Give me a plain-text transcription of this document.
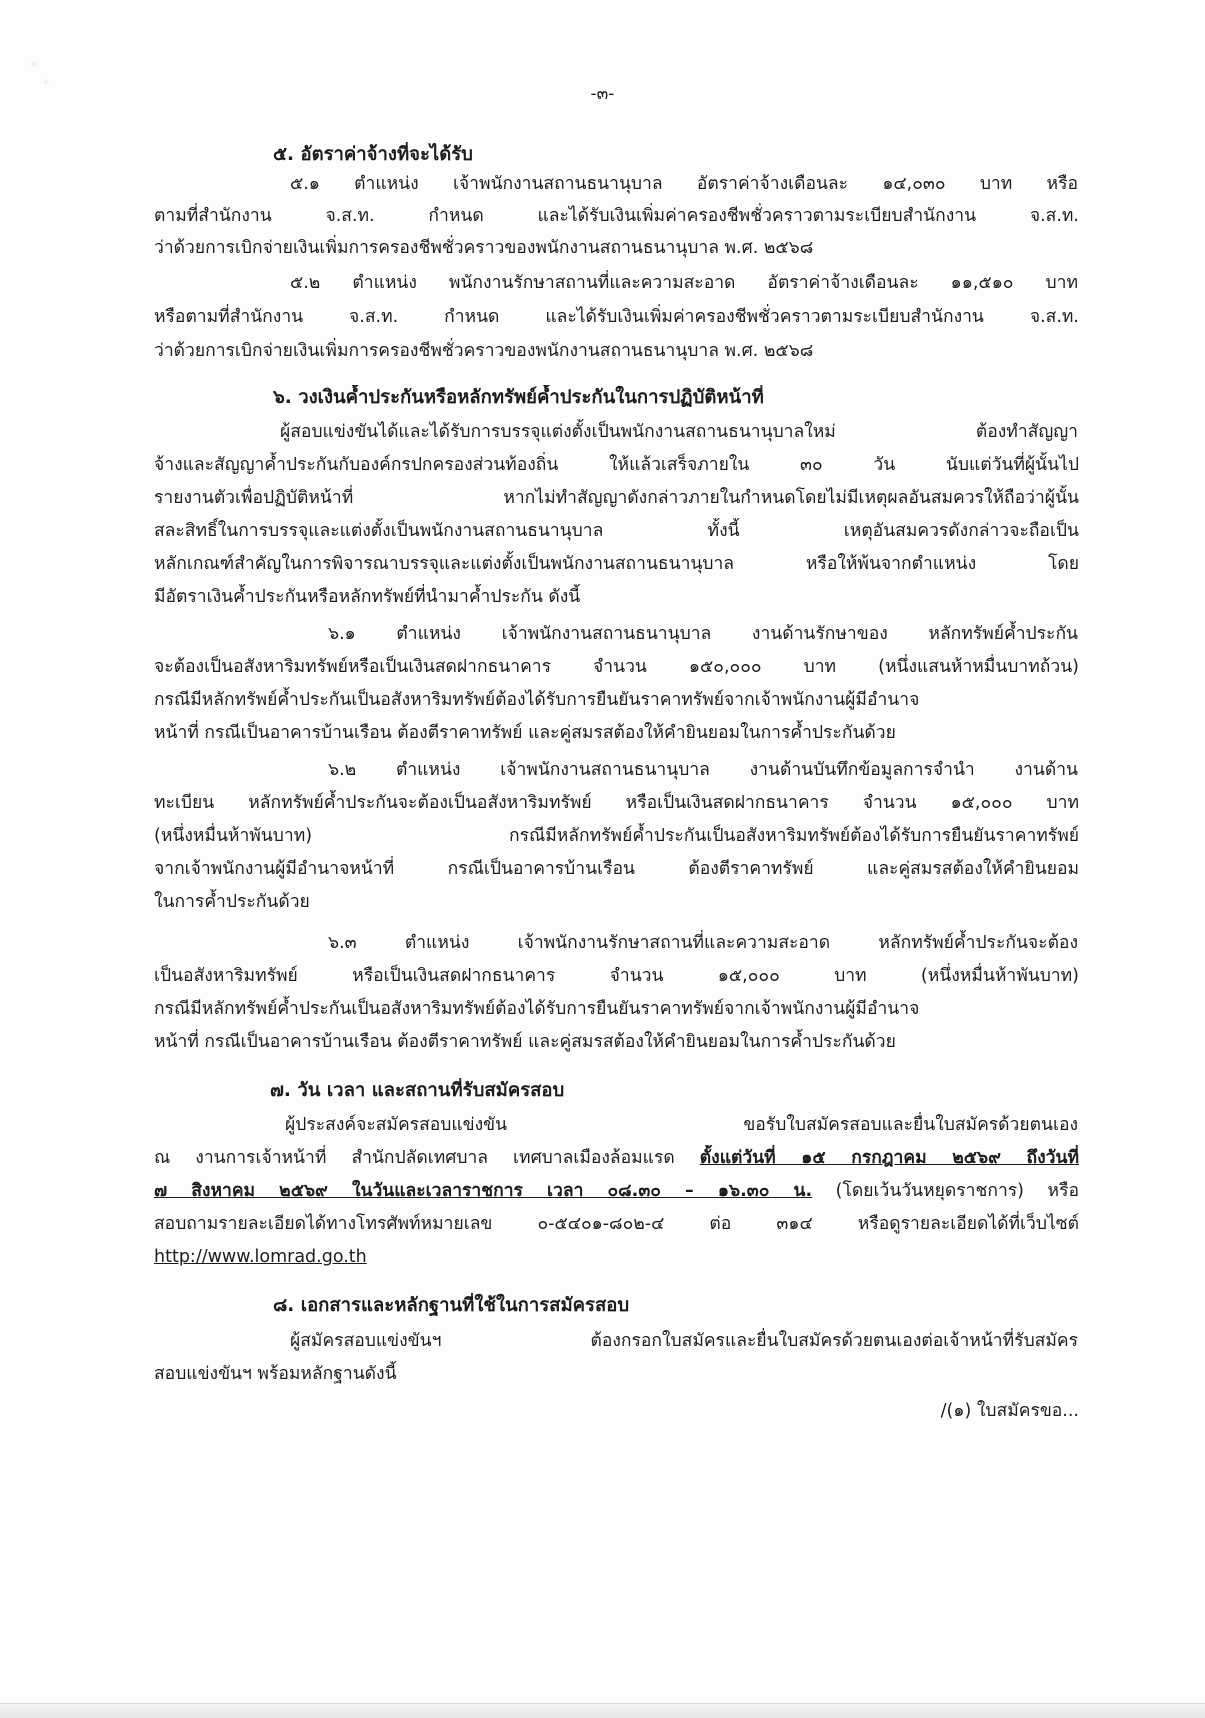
-๓-
๕. อัตราค่าจ้างที่จะได้รับ
๕.๑ ตำแหน่ง เจ้าพนักงานสถานธนานุบาล อัตราค่าจ้างเดือนละ ๑๔,๐๓๐ บาท หรือ
ตามที่สำนักงาน จ.ส.ท. กำหนด และได้รับเงินเพิ่มค่าครองชีพชั่วคราวตามระเบียบสำนักงาน จ.ส.ท.
ว่าด้วยการเบิกจ่ายเงินเพิ่มการครองชีพชั่วคราวของพนักงานสถานธนานุบาล พ.ศ. ๒๕๖๘
๕.๒ ตำแหน่ง พนักงานรักษาสถานที่และความสะอาด อัตราค่าจ้างเดือนละ ๑๑,๕๑๐ บาท
หรือตามที่สำนักงาน จ.ส.ท. กำหนด และได้รับเงินเพิ่มค่าครองชีพชั่วคราวตามระเบียบสำนักงาน จ.ส.ท.
ว่าด้วยการเบิกจ่ายเงินเพิ่มการครองชีพชั่วคราวของพนักงานสถานธนานุบาล พ.ศ. ๒๕๖๘
๖. วงเงินค้ำประกันหรือหลักทรัพย์ค้ำประกันในการปฏิบัติหน้าที่
ผู้สอบแข่งขันได้และได้รับการบรรจุแต่งตั้งเป็นพนักงานสถานธนานุบาลใหม่ ต้องทำสัญญา
จ้างและสัญญาค้ำประกันกับองค์กรปกครองส่วนท้องถิ่น ให้แล้วเสร็จภายใน ๓๐ วัน นับแต่วันที่ผู้นั้นไป
รายงานตัวเพื่อปฏิบัติหน้าที่ หากไม่ทำสัญญาดังกล่าวภายในกำหนดโดยไม่มีเหตุผลอันสมควรให้ถือว่าผู้นั้น
สละสิทธิ์ในการบรรจุและแต่งตั้งเป็นพนักงานสถานธนานุบาล ทั้งนี้ เหตุอันสมควรดังกล่าวจะถือเป็น
หลักเกณฑ์สำคัญในการพิจารณาบรรจุและแต่งตั้งเป็นพนักงานสถานธนานุบาล หรือให้พ้นจากตำแหน่ง โดย
มีอัตราเงินค้ำประกันหรือหลักทรัพย์ที่นำมาค้ำประกัน ดังนี้
๖.๑ ตำแหน่ง เจ้าพนักงานสถานธนานุบาล งานด้านรักษาของ หลักทรัพย์ค้ำประกัน
จะต้องเป็นอสังหาริมทรัพย์หรือเป็นเงินสดฝากธนาคาร จำนวน ๑๕๐,๐๐๐ บาท (หนึ่งแสนห้าหมื่นบาทถ้วน)
กรณีมีหลักทรัพย์ค้ำประกันเป็นอสังหาริมทรัพย์ต้องได้รับการยืนยันราคาทรัพย์จากเจ้าพนักงานผู้มีอำนาจ
หน้าที่ กรณีเป็นอาคารบ้านเรือน ต้องตีราคาทรัพย์ และคู่สมรสต้องให้คำยินยอมในการค้ำประกันด้วย
๖.๒ ตำแหน่ง เจ้าพนักงานสถานธนานุบาล งานด้านบันทึกข้อมูลการจำนำ งานด้าน
ทะเบียน หลักทรัพย์ค้ำประกันจะต้องเป็นอสังหาริมทรัพย์ หรือเป็นเงินสดฝากธนาคาร จำนวน ๑๕,๐๐๐ บาท
(หนึ่งหมื่นห้าพันบาท) กรณีมีหลักทรัพย์ค้ำประกันเป็นอสังหาริมทรัพย์ต้องได้รับการยืนยันราคาทรัพย์
จากเจ้าพนักงานผู้มีอำนาจหน้าที่ กรณีเป็นอาคารบ้านเรือน ต้องตีราคาทรัพย์ และคู่สมรสต้องให้คำยินยอม
ในการค้ำประกันด้วย
๖.๓ ตำแหน่ง เจ้าพนักงานรักษาสถานที่และความสะอาด หลักทรัพย์ค้ำประกันจะต้อง
เป็นอสังหาริมทรัพย์ หรือเป็นเงินสดฝากธนาคาร จำนวน ๑๕,๐๐๐ บาท (หนึ่งหมื่นห้าพันบาท)
กรณีมีหลักทรัพย์ค้ำประกันเป็นอสังหาริมทรัพย์ต้องได้รับการยืนยันราคาทรัพย์จากเจ้าพนักงานผู้มีอำนาจ
หน้าที่ กรณีเป็นอาคารบ้านเรือน ต้องตีราคาทรัพย์ และคู่สมรสต้องให้คำยินยอมในการค้ำประกันด้วย
๗. วัน เวลา และสถานที่รับสมัครสอบ
ผู้ประสงค์จะสมัครสอบแข่งขัน ขอรับใบสมัครสอบและยื่นใบสมัครด้วยตนเอง
ณ งานการเจ้าหน้าที่ สำนักปลัดเทศบาล เทศบาลเมืองล้อมแรด ตั้งแต่วันที่ ๑๕ กรกฎาคม ๒๕๖๙ ถึงวันที่
๗ สิงหาคม ๒๕๖๙ ในวันและเวลาราชการ เวลา ๐๘.๓๐ – ๑๖.๓๐ น. (โดยเว้นวันหยุดราชการ) หรือ
สอบถามรายละเอียดได้ทางโทรศัพท์หมายเลข ๐-๕๔๐๑-๘๐๒-๔ ต่อ ๓๑๔ หรือดูรายละเอียดได้ที่เว็บไซต์
http://www.lomrad.go.th
๘. เอกสารและหลักฐานที่ใช้ในการสมัครสอบ
ผู้สมัครสอบแข่งขันฯ ต้องกรอกใบสมัครและยื่นใบสมัครด้วยตนเองต่อเจ้าหน้าที่รับสมัคร
สอบแข่งขันฯ พร้อมหลักฐานดังนี้
/(๑) ใบสมัครขอ...
